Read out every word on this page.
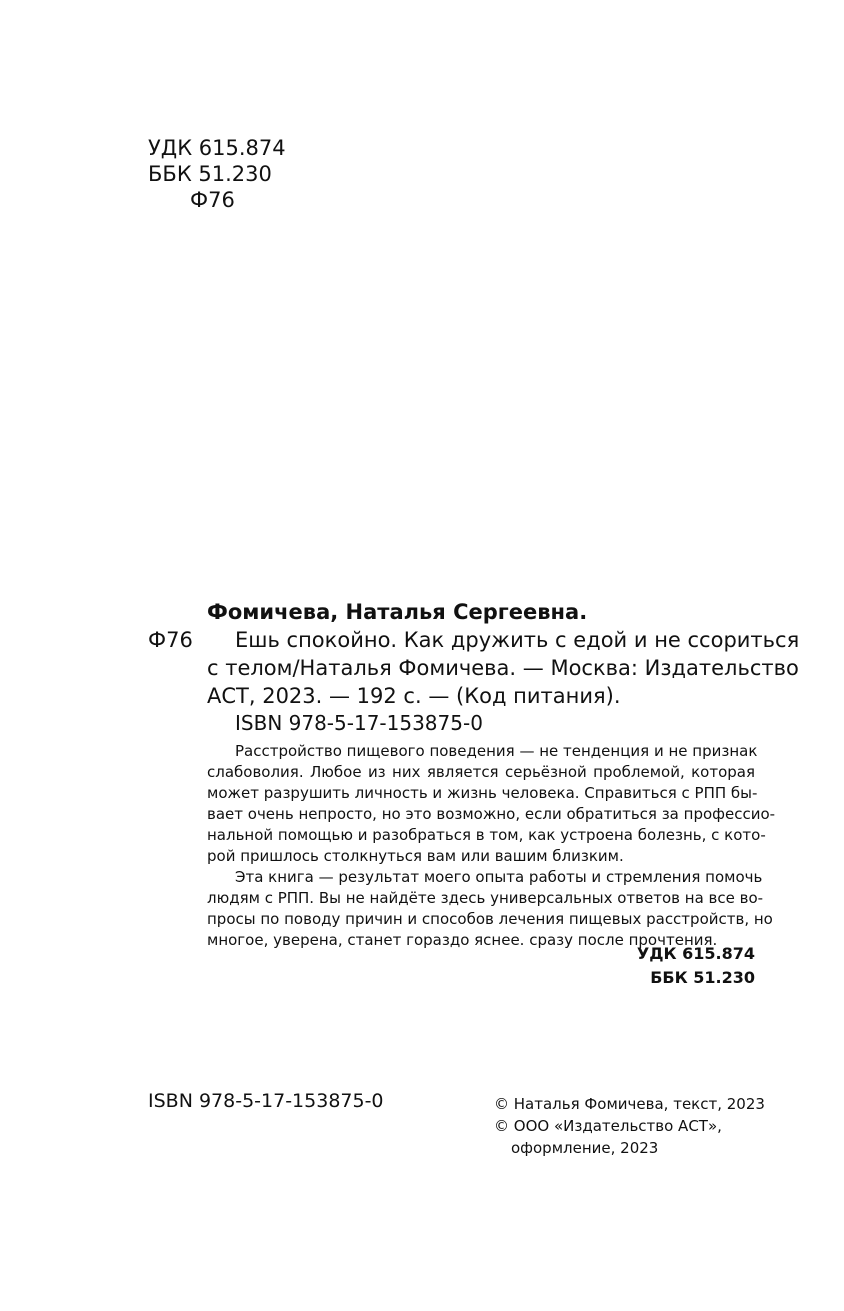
УДК 615.874
ББК 51.230
Ф76
Фомичева, Наталья Сергеевна.
Ф76	Ешь спокойно. Как дружить с едой и не ссориться
с телом/Наталья Фомичева. — Москва: Издательство
АСТ, 2023. — 192 с. — (Код питания).
ISBN 978-5-17-153875-0
Расстройство пищевого поведения — не тенденция и не признак
слабоволия. Любое из них является серьёзной проблемой, которая
может разрушить личность и жизнь человека. Справиться с РПП бы-
вает очень непросто, но это возможно, если обратиться за профессио-
нальной помощью и разобраться в том, как устроена болезнь, с кото-
рой пришлось столкнуться вам или вашим близким.
Эта книга — результат моего опыта работы и стремления помочь
людям с РПП. Вы не найдёте здесь универсальных ответов на все во-
просы по поводу причин и способов лечения пищевых расстройств, но
многое, уверена, станет гораздо яснее. сразу после прочтения.
УДК 615.874
ББК 51.230
ISBN 978-5-17-153875-0	© Наталья Фомичева, текст, 2023
© ООО «Издательство АСТ»,
оформление, 2023
